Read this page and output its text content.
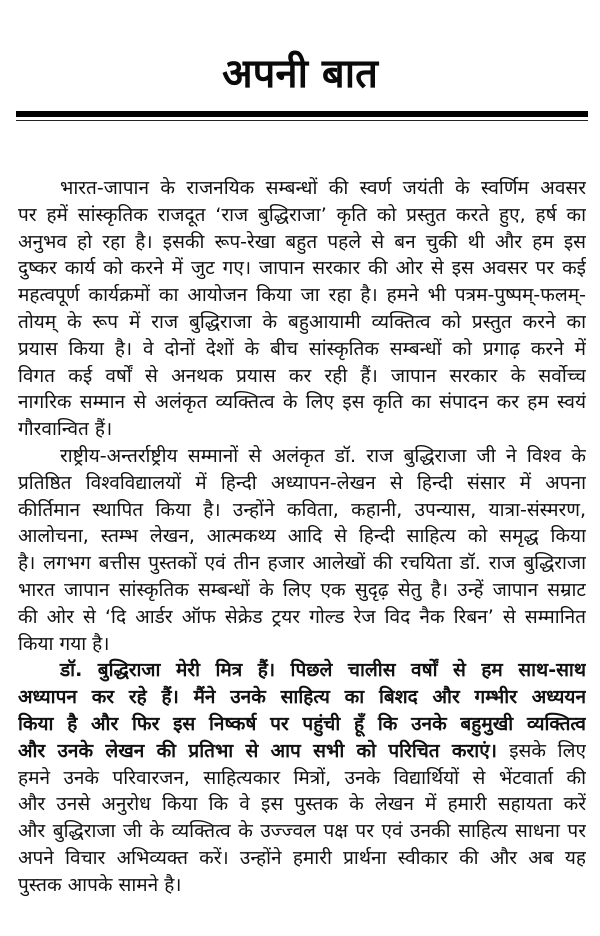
अपनी बात
भारत-जापान के राजनयिक सम्बन्धों की स्वर्ण जयंती के स्वर्णिम अवसर
पर हमें सांस्कृतिक राजदूत ‘राज बुद्धिराजा’ कृति को प्रस्तुत करते हुए, हर्ष का
अनुभव हो रहा है। इसकी रूप-रेखा बहुत पहले से बन चुकी थी और हम इस
दुष्कर कार्य को करने में जुट गए। जापान सरकार की ओर से इस अवसर पर कई
महत्वपूर्ण कार्यक्रमों का आयोजन किया जा रहा है। हमने भी पत्रम-पुष्पम्-फलम्-
तोयम् के रूप में राज बुद्धिराजा के बहुआयामी व्यक्तित्व को प्रस्तुत करने का
प्रयास किया है। वे दोनों देशों के बीच सांस्कृतिक सम्बन्धों को प्रगाढ़ करने में
विगत कई वर्षों से अनथक प्रयास कर रही हैं। जापान सरकार के सर्वोच्च
नागरिक सम्मान से अलंकृत व्यक्तित्व के लिए इस कृति का संपादन कर हम स्वयं
गौरवान्वित हैं।
राष्ट्रीय-अन्तर्राष्ट्रीय सम्मानों से अलंकृत डॉ. राज बुद्धिराजा जी ने विश्व के
प्रतिष्ठित विश्वविद्यालयों में हिन्दी अध्यापन-लेखन से हिन्दी संसार में अपना
कीर्तिमान स्थापित किया है। उन्होंने कविता, कहानी, उपन्यास, यात्रा-संस्मरण,
आलोचना, स्तम्भ लेखन, आत्मकथ्य आदि से हिन्दी साहित्य को समृद्ध किया
है। लगभग बत्तीस पुस्तकों एवं तीन हजार आलेखों की रचयिता डॉ. राज बुद्धिराजा
भारत जापान सांस्कृतिक सम्बन्धों के लिए एक सुदृढ़ सेतु है। उन्हें जापान सम्राट
की ओर से ‘दि आर्डर ऑफ सेक्रेड ट्रयर गोल्ड रेज विद नैक रिबन’ से सम्मानित
किया गया है।
डॉ. बुद्धिराजा मेरी मित्र हैं। पिछले चालीस वर्षों से हम साथ-साथ
अध्यापन कर रहे हैं। मैंने उनके साहित्य का बिशद और गम्भीर अध्ययन
किया है और फिर इस निष्कर्ष पर पहुंची हूँ कि उनके बहुमुखी व्यक्तित्व
और उनके लेखन की प्रतिभा से आप सभी को परिचित कराएं। इसके लिए
हमने उनके परिवारजन, साहित्यकार मित्रों, उनके विद्यार्थियों से भेंटवार्ता की
और उनसे अनुरोध किया कि वे इस पुस्तक के लेखन में हमारी सहायता करें
और बुद्धिराजा जी के व्यक्तित्व के उज्ज्वल पक्ष पर एवं उनकी साहित्य साधना पर
अपने विचार अभिव्यक्त करें। उन्होंने हमारी प्रार्थना स्वीकार की और अब यह
पुस्तक आपके सामने है।
